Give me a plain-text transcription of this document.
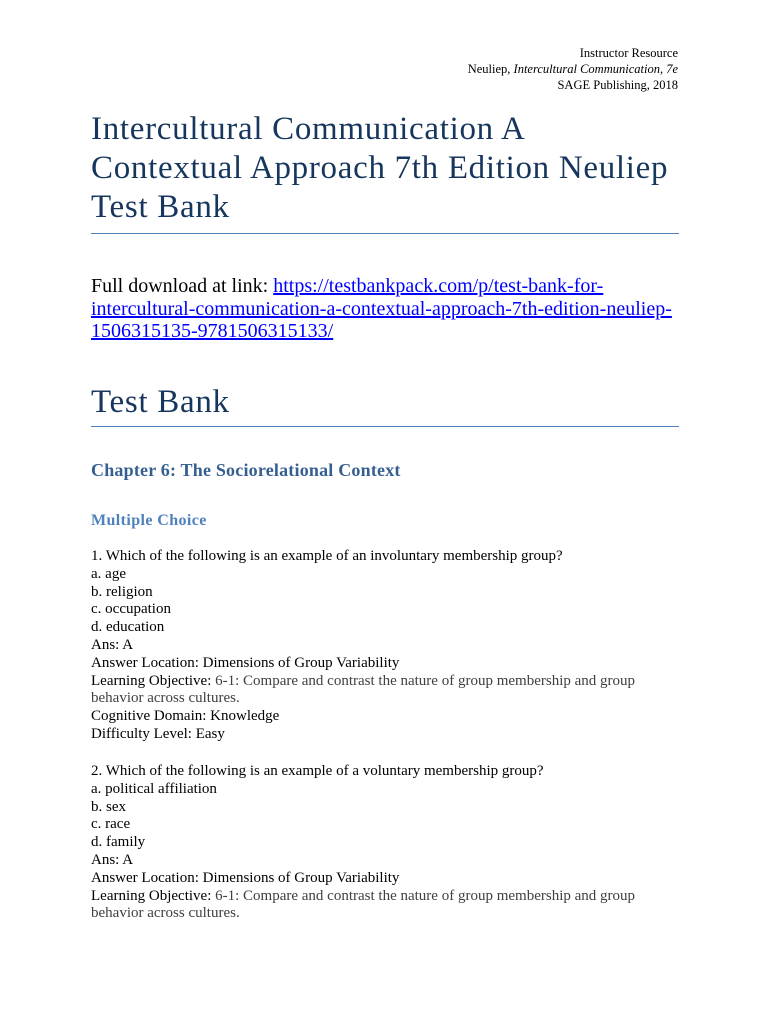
Instructor Resource
Neuliep, Intercultural Communication, 7e
SAGE Publishing, 2018
Intercultural Communication A
Contextual Approach 7th Edition Neuliep
Test Bank

Full download at link: https://testbankpack.com/p/test-bank-for-
intercultural-communication-a-contextual-approach-7th-edition-neuliep-
1506315135-9781506315133/

Test Bank
Chapter 6: The Sociorelational Context
Multiple Choice
1. Which of the following is an example of an involuntary membership group?
a. age
b. religion
c. occupation
d. education
Ans: A
Answer Location: Dimensions of Group Variability
Learning Objective: 6-1: Compare and contrast the nature of group membership and group
behavior across cultures.
Cognitive Domain: Knowledge
Difficulty Level: Easy
2. Which of the following is an example of a voluntary membership group?
a. political affiliation
b. sex
c. race
d. family
Ans: A
Answer Location: Dimensions of Group Variability
Learning Objective: 6-1: Compare and contrast the nature of group membership and group
behavior across cultures.
